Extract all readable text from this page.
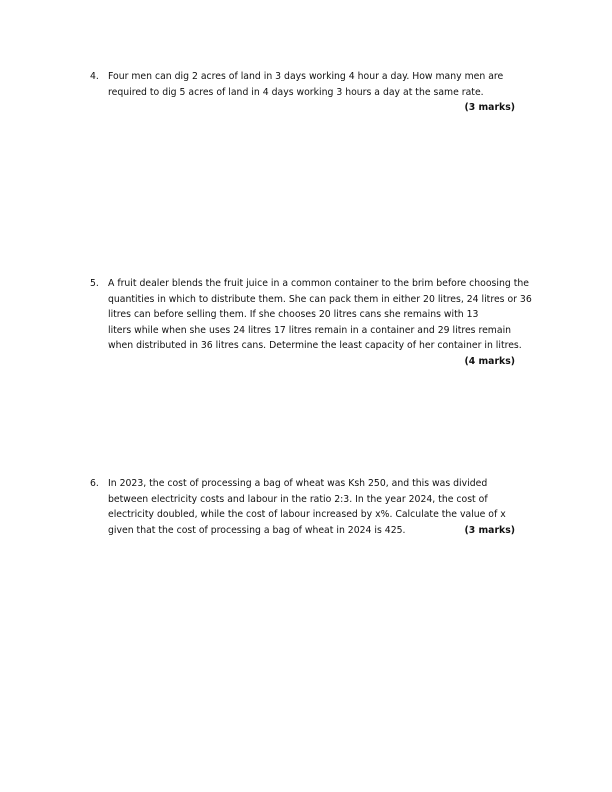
4. Four men can dig 2 acres of land in 3 days working 4 hour a day. How many men are
required to dig 5 acres of land in 4 days working 3 hours a day at the same rate.
(3 marks)
5. A fruit dealer blends the fruit juice in a common container to the brim before choosing the
quantities in which to distribute them. She can pack them in either 20 litres, 24 litres or 36
litres can before selling them. If she chooses 20 litres cans she remains with 13
liters while when she uses 24 litres 17 litres remain in a container and 29 litres remain
when distributed in 36 litres cans. Determine the least capacity of her container in litres.
(4 marks)
6. In 2023, the cost of processing a bag of wheat was Ksh 250, and this was divided
between electricity costs and labour in the ratio 2:3. In the year 2024, the cost of
electricity doubled, while the cost of labour increased by x%. Calculate the value of x
given that the cost of processing a bag of wheat in 2024 is 425.	(3 marks)
